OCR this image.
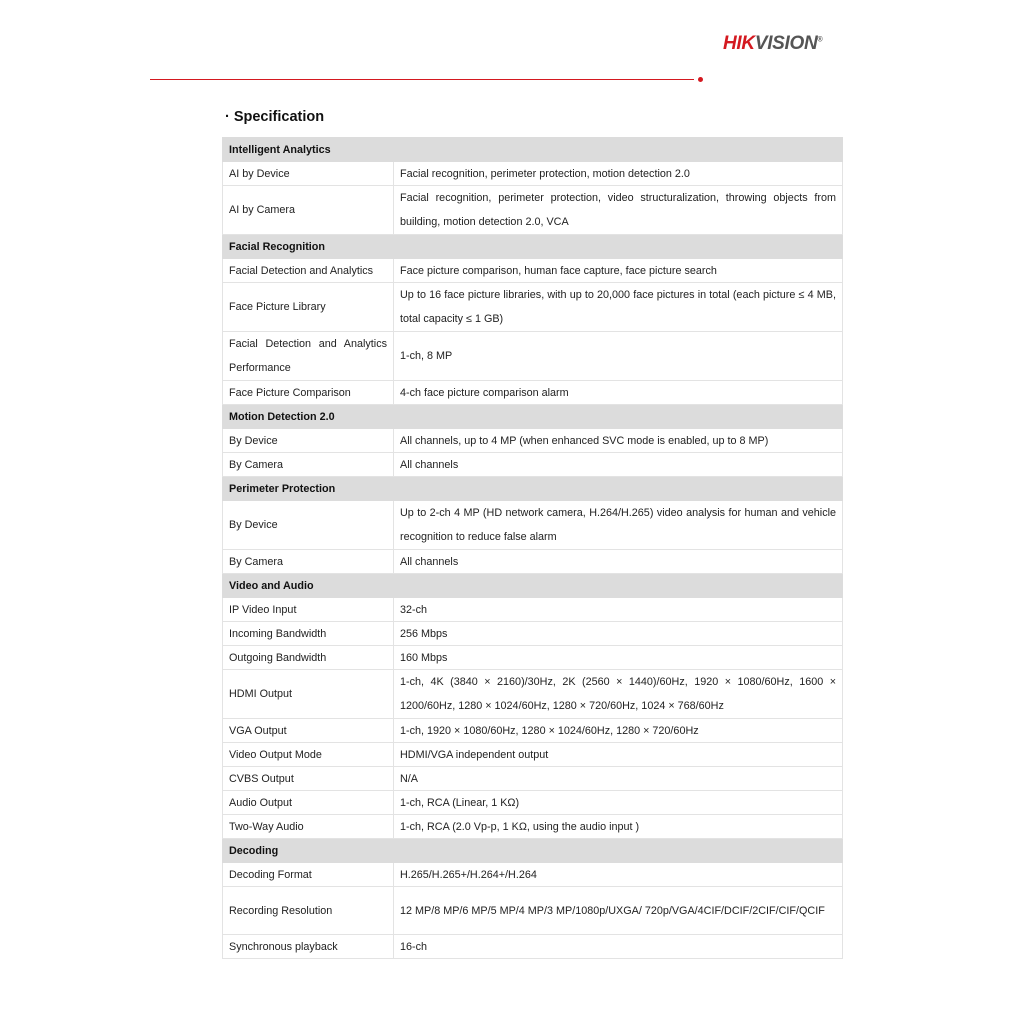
HIKVISION®
· Specification
Intelligent Analytics	

AI by Device	Facial recognition, perimeter protection, motion detection 2.0

AI by Camera	Facial recognition, perimeter protection, video structuralization, throwing objects from building, motion detection 2.0, VCA

Facial Recognition	

Facial Detection and Analytics	Face picture comparison, human face capture, face picture search

Face Picture Library	Up to 16 face picture libraries, with up to 20,000 face pictures in total (each picture ≤ 4 MB, total capacity ≤ 1 GB)

Facial Detection and Analytics Performance	1-ch, 8 MP

Face Picture Comparison	4-ch face picture comparison alarm

Motion Detection 2.0	

By Device	All channels, up to 4 MP (when enhanced SVC mode is enabled, up to 8 MP)

By Camera	All channels

Perimeter Protection	

By Device	Up to 2-ch 4 MP (HD network camera, H.264/H.265) video analysis for human and vehicle recognition to reduce false alarm

By Camera	All channels

Video and Audio	

IP Video Input	32-ch

Incoming Bandwidth	256 Mbps

Outgoing Bandwidth	160 Mbps

HDMI Output	1-ch, 4K (3840 × 2160)/30Hz, 2K (2560 × 1440)/60Hz, 1920 × 1080/60Hz, 1600 × 1200/60Hz, 1280 × 1024/60Hz, 1280 × 720/60Hz, 1024 × 768/60Hz

VGA Output	1-ch, 1920 × 1080/60Hz, 1280 × 1024/60Hz, 1280 × 720/60Hz

Video Output Mode	HDMI/VGA independent output

CVBS Output	N/A

Audio Output	1-ch, RCA (Linear, 1 KΩ)

Two-Way Audio	1-ch, RCA (2.0 Vp-p, 1 KΩ, using the audio input )

Decoding	

Decoding Format	H.265/H.265+/H.264+/H.264

Recording Resolution	12 MP/8 MP/6 MP/5 MP/4 MP/3 MP/1080p/UXGA/ 720p/VGA/4CIF/DCIF/2CIF/CIF/QCIF

Synchronous playback	16-ch
